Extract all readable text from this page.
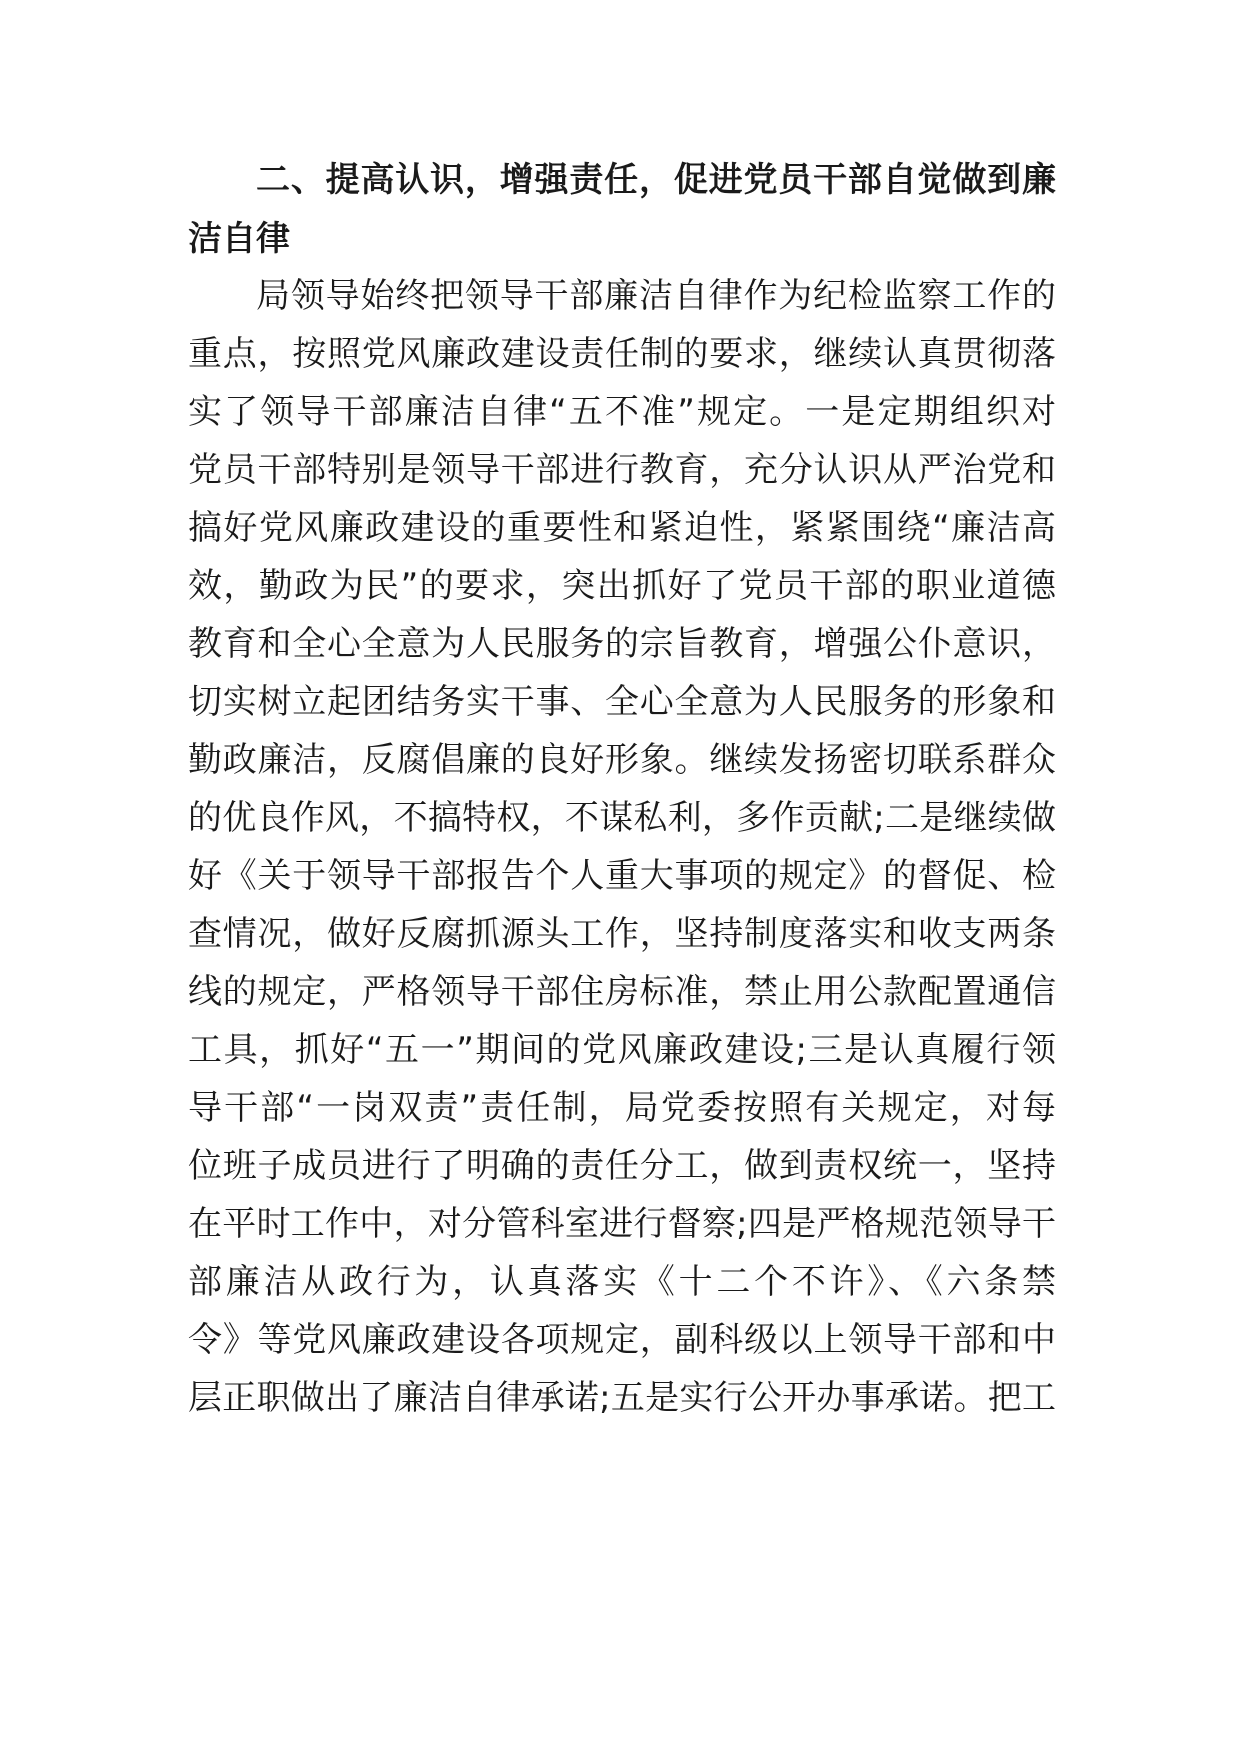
二、提高认识，增强责任，促进党员干部自觉做到廉
洁自律
局领导始终把领导干部廉洁自律作为纪检监察工作的
重点，按照党风廉政建设责任制的要求，继续认真贯彻落
实了领导干部廉洁自律“五不准”规定。一是定期组织对
党员干部特别是领导干部进行教育，充分认识从严治党和
搞好党风廉政建设的重要性和紧迫性，紧紧围绕“廉洁高
效，勤政为民”的要求，突出抓好了党员干部的职业道德
教育和全心全意为人民服务的宗旨教育，增强公仆意识，
切实树立起团结务实干事、全心全意为人民服务的形象和
勤政廉洁，反腐倡廉的良好形象。继续发扬密切联系群众
的优良作风，不搞特权，不谋私利，多作贡献;二是继续做
好《关于领导干部报告个人重大事项的规定》的督促、检
查情况，做好反腐抓源头工作，坚持制度落实和收支两条
线的规定，严格领导干部住房标准，禁止用公款配置通信
工具，抓好“五一”期间的党风廉政建设;三是认真履行领
导干部“一岗双责”责任制，局党委按照有关规定，对每
位班子成员进行了明确的责任分工，做到责权统一，坚持
在平时工作中，对分管科室进行督察;四是严格规范领导干
部廉洁从政行为，认真落实《十二个不许》、《六条禁
令》等党风廉政建设各项规定，副科级以上领导干部和中
层正职做出了廉洁自律承诺;五是实行公开办事承诺。把工
